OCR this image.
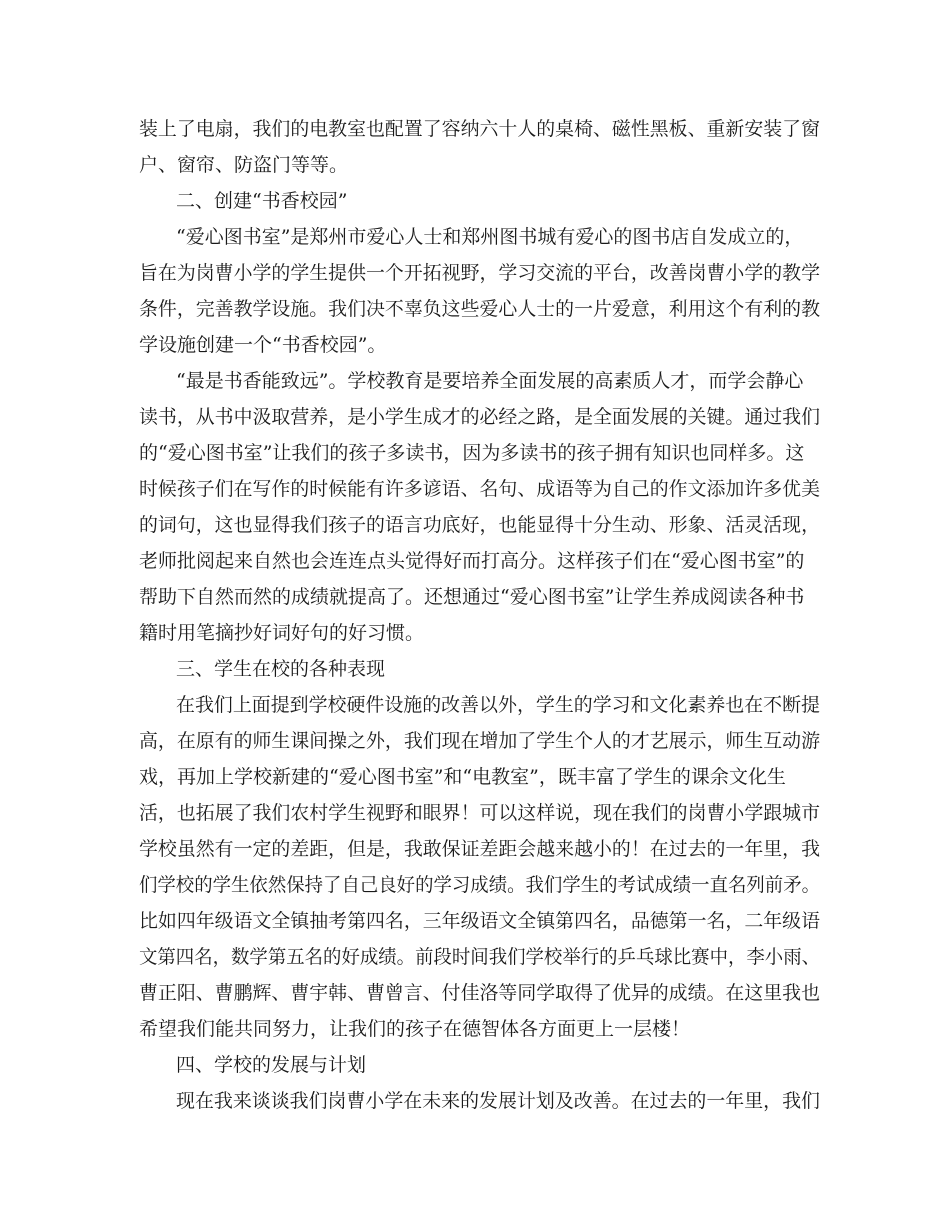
装上了电扇，我们的电教室也配置了容纳六十人的桌椅、磁性黑板、重新安装了窗
户、窗帘、防盗门等等。
二、创建“书香校园”
“爱心图书室”是郑州市爱心人士和郑州图书城有爱心的图书店自发成立的，
旨在为岗曹小学的学生提供一个开拓视野，学习交流的平台，改善岗曹小学的教学
条件，完善教学设施。我们决不辜负这些爱心人士的一片爱意，利用这个有利的教
学设施创建一个“书香校园”。
“最是书香能致远”。学校教育是要培养全面发展的高素质人才，而学会静心
读书，从书中汲取营养，是小学生成才的必经之路，是全面发展的关键。通过我们
的“爱心图书室”让我们的孩子多读书，因为多读书的孩子拥有知识也同样多。这
时候孩子们在写作的时候能有许多谚语、名句、成语等为自己的作文添加许多优美
的词句，这也显得我们孩子的语言功底好，也能显得十分生动、形象、活灵活现，
老师批阅起来自然也会连连点头觉得好而打高分。这样孩子们在“爱心图书室”的
帮助下自然而然的成绩就提高了。还想通过“爱心图书室”让学生养成阅读各种书
籍时用笔摘抄好词好句的好习惯。
三、学生在校的各种表现
在我们上面提到学校硬件设施的改善以外，学生的学习和文化素养也在不断提
高，在原有的师生课间操之外，我们现在增加了学生个人的才艺展示，师生互动游
戏，再加上学校新建的“爱心图书室”和“电教室”，既丰富了学生的课余文化生
活，也拓展了我们农村学生视野和眼界！可以这样说，现在我们的岗曹小学跟城市
学校虽然有一定的差距，但是，我敢保证差距会越来越小的！在过去的一年里，我
们学校的学生依然保持了自己良好的学习成绩。我们学生的考试成绩一直名列前矛。
比如四年级语文全镇抽考第四名，三年级语文全镇第四名，品德第一名，二年级语
文第四名，数学第五名的好成绩。前段时间我们学校举行的乒乓球比赛中，李小雨、
曹正阳、曹鹏辉、曹宇韩、曹曾言、付佳洛等同学取得了优异的成绩。在这里我也
希望我们能共同努力，让我们的孩子在德智体各方面更上一层楼！
四、学校的发展与计划
现在我来谈谈我们岗曹小学在未来的发展计划及改善。在过去的一年里，我们
